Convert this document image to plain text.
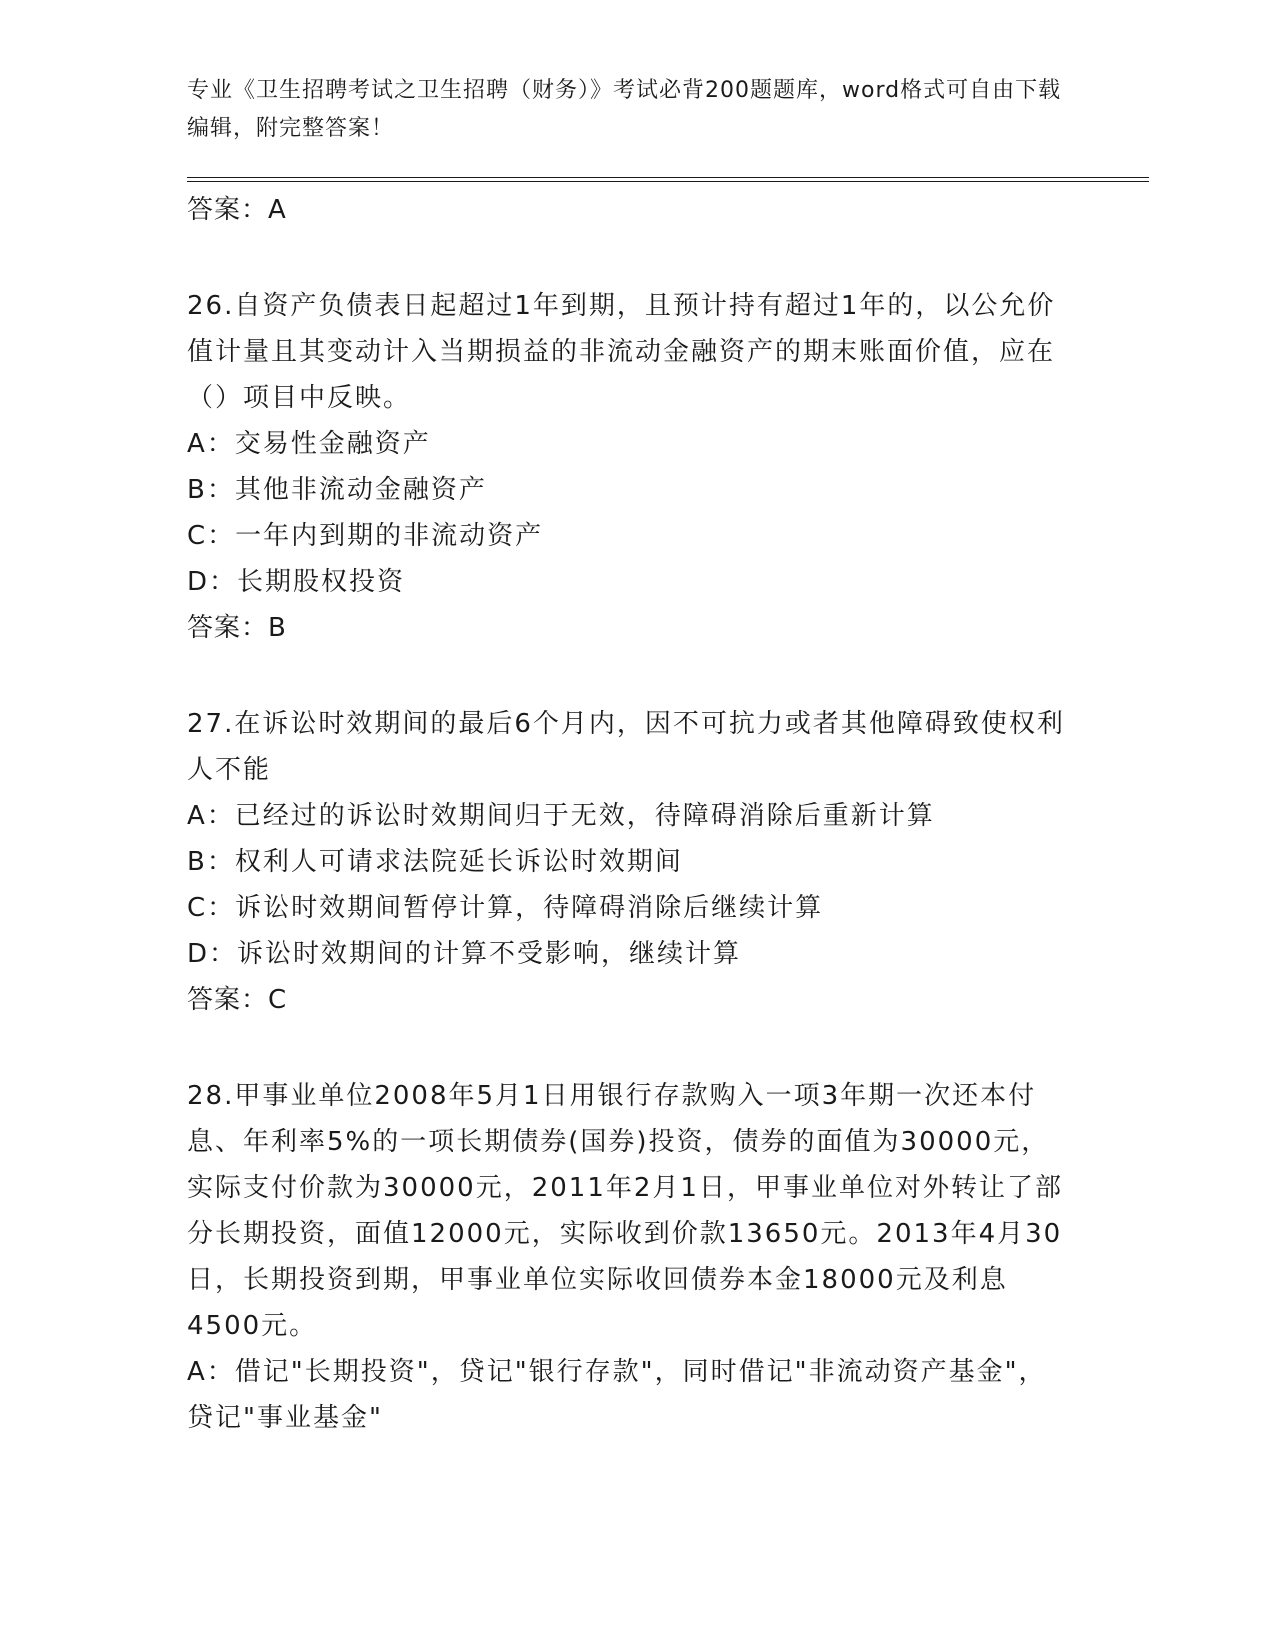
专业《卫生招聘考试之卫生招聘（财务）》考试必背200题题库，word格式可自由下载编辑，附完整答案！

答案：A

26.自资产负债表日起超过1年到期，且预计持有超过1年的，以公允价值计量且其变动计入当期损益的非流动金融资产的期末账面价值，应在（）项目中反映。

A：交易性金融资产

B：其他非流动金融资产

C：一年内到期的非流动资产

D：长期股权投资

答案：B

27.在诉讼时效期间的最后6个月内，因不可抗力或者其他障碍致使权利人不能

A：已经过的诉讼时效期间归于无效，待障碍消除后重新计算

B：权利人可请求法院延长诉讼时效期间

C：诉讼时效期间暂停计算，待障碍消除后继续计算

D：诉讼时效期间的计算不受影响，继续计算

答案：C

28.甲事业单位2008年5月1日用银行存款购入一项3年期一次还本付息、年利率5%的一项长期债券(国券)投资，债券的面值为30000元，实际支付价款为30000元，2011年2月1日，甲事业单位对外转让了部分长期投资，面值12000元，实际收到价款13650元。2013年4月30日，长期投资到期，甲事业单位实际收回债券本金18000元及利息4500元。

A：借记"长期投资"，贷记"银行存款"，同时借记"非流动资产基金"，贷记"事业基金"
